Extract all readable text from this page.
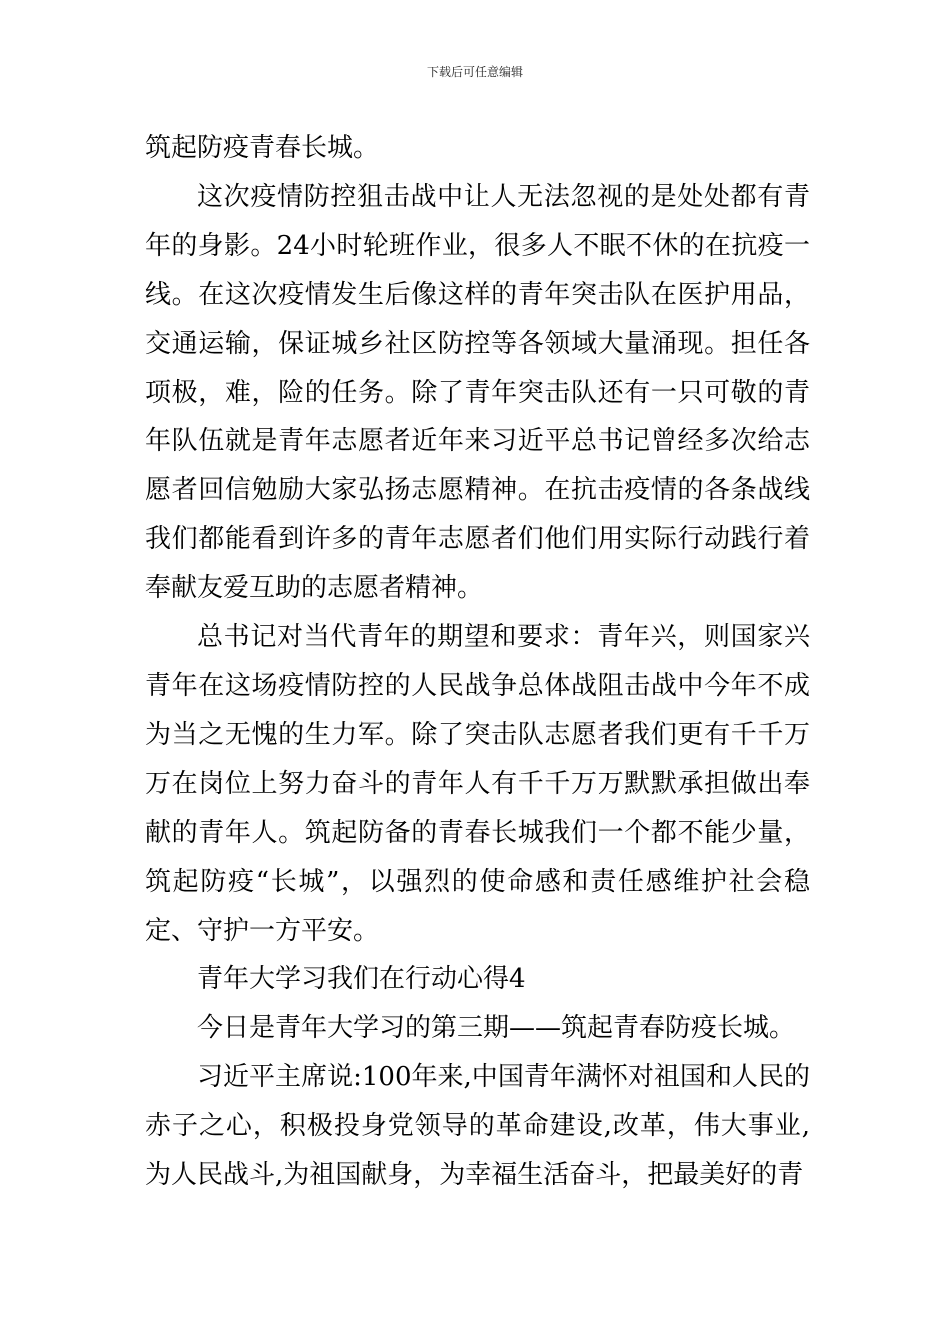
下载后可任意编辑

筑起防疫青春长城。

这次疫情防控狙击战中让人无法忽视的是处处都有青年的身影。24小时轮班作业，很多人不眠不休的在抗疫一线。在这次疫情发生后像这样的青年突击队在医护用品，交通运输，保证城乡社区防控等各领域大量涌现。担任各项极，难，险的任务。除了青年突击队还有一只可敬的青年队伍就是青年志愿者近年来习近平总书记曾经多次给志愿者回信勉励大家弘扬志愿精神。在抗击疫情的各条战线我们都能看到许多的青年志愿者们他们用实际行动践行着奉献友爱互助的志愿者精神。

总书记对当代青年的期望和要求：青年兴，则国家兴青年在这场疫情防控的人民战争总体战阻击战中今年不成为当之无愧的生力军。除了突击队志愿者我们更有千千万万在岗位上努力奋斗的青年人有千千万万默默承担做出奉献的青年人。筑起防备的青春长城我们一个都不能少量，筑起防疫“长城”，以强烈的使命感和责任感维护社会稳定、守护一方平安。

青年大学习我们在行动心得4

今日是青年大学习的第三期——筑起青春防疫长城。

习近平主席说:100年来,中国青年满怀对祖国和人民的赤子之心，积极投身党领导的革命建设,改革，伟大事业,为人民战斗,为祖国献身，为幸福生活奋斗，把最美好的青
